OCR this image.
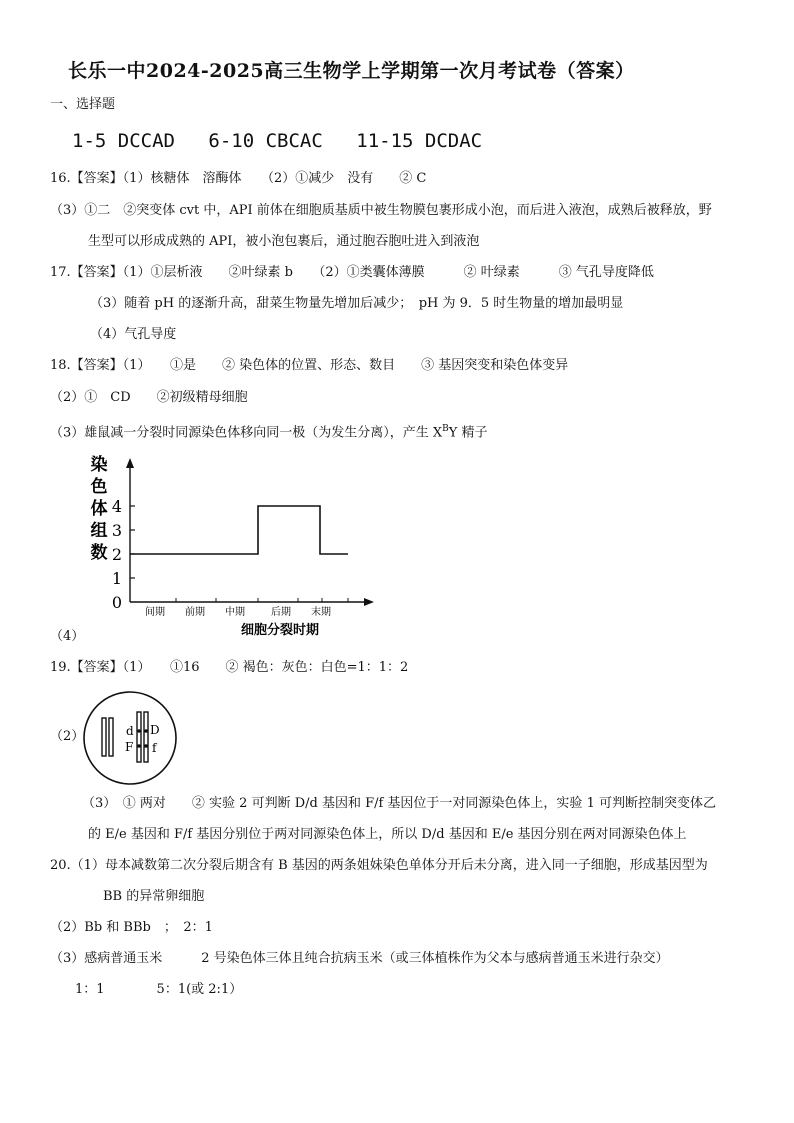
长乐一中2024-2025高三生物学上学期第一次月考试卷（答案）
一、选择题
1-5 DCCAD 6-10 CBCAC 11-15 DCDAC
16.【答案】（1）核糖体　溶酶体　　（2）①减少　没有　　② C
（3）①二　②突变体 cvt 中，API 前体在细胞质基质中被生物膜包裹形成小泡，而后进入液泡，成熟后被释放，野
生型可以形成成熟的 API，被小泡包裹后，通过胞吞胞吐进入到液泡
17.【答案】（1）①层析液　　②叶绿素 b　　（2）①类囊体薄膜　　　② 叶绿素　　　③ 气孔导度降低
（3）随着 pH 的逐渐升高，甜菜生物量先增加后减少；　pH 为 9．5 时生物量的增加最明显
（4）气孔导度
18.【答案】（1）　　①是　　② 染色体的位置、形态、数目　　③ 基因突变和染色体变异
（2）①　CD　　②初级精母细胞
（3）雄鼠减一分裂时同源染色体移向同一极（为发生分离），产生 $X^BY$ 精子
染色体组数
0
1
2
3
4
间期 前期 中期	后期 末期
细胞分裂时期
（4）
19.【答案】（1）　　①16　　② 褐色：灰色：白色=1：1：2
（2）	d D
F f
（3）　① 两对　　② 实验 2 可判断 D/d 基因和 F/f 基因位于一对同源染色体上，实验 1 可判断控制突变体乙
的 E/e 基因和 F/f 基因分别位于两对同源染色体上，所以 D/d 基因和 E/e 基因分别在两对同源染色体上
20.（1）母本减数第二次分裂后期含有 B 基因的两条姐妹染色单体分开后未分离，进入同一子细胞，形成基因型为
BB 的异常卵细胞
（2）Bb 和 BBb　；　2：1
（3）感病普通玉米　　　2 号染色体三体且纯合抗病玉米（或三体植株作为父本与感病普通玉米进行杂交）
1：1　　　　5：1(或 2:1）
